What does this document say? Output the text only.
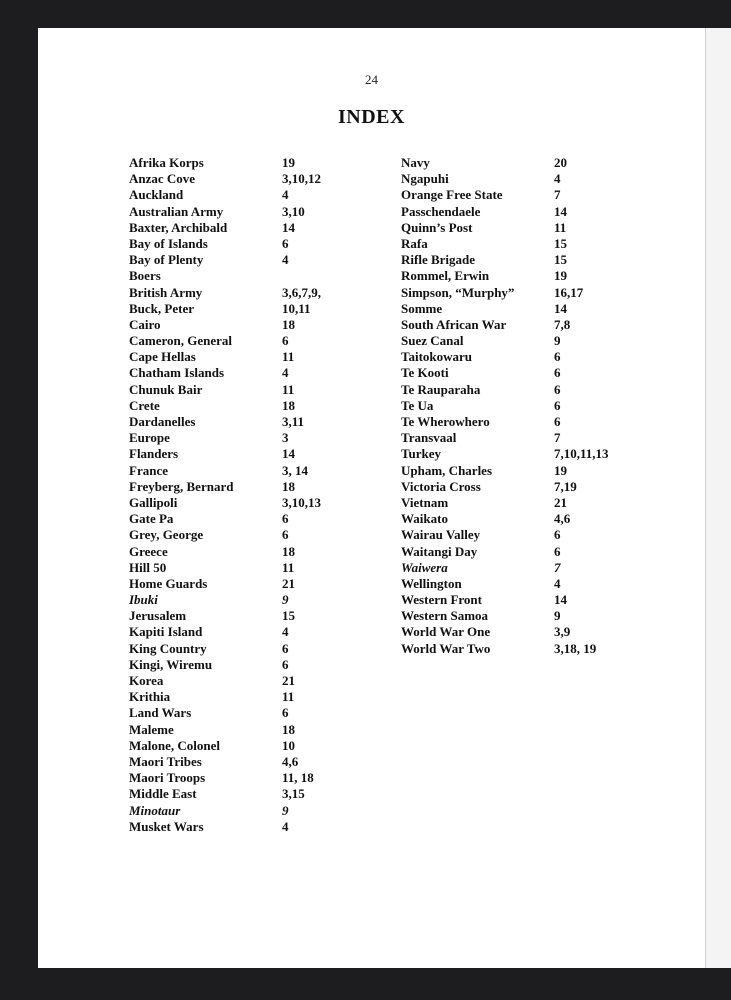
24
INDEX
Afrika Korps	19
Anzac Cove	3,10,12
Auckland	4
Australian Army	3,10
Baxter, Archibald	14
Bay of Islands	6
Bay of Plenty	4
Boers
British Army	3,6,7,9,
Buck, Peter	10,11
Cairo	18
Cameron, General	6
Cape Hellas	11
Chatham Islands	4
Chunuk Bair	11
Crete	18
Dardanelles	3,11
Europe	3
Flanders	14
France	3, 14
Freyberg, Bernard	18
Gallipoli	3,10,13
Gate Pa	6
Grey, George	6
Greece	18
Hill 50	11
Home Guards	21
Ibuki	9
Jerusalem	15
Kapiti Island	4
King Country	6
Kingi, Wiremu	6
Korea	21
Krithia	11
Land Wars	6
Maleme	18
Malone, Colonel	10
Maori Tribes	4,6
Maori Troops	11, 18
Middle East	3,15
Minotaur	9
Musket Wars	4
Navy	20
Ngapuhi	4
Orange Free State	7
Passchendaele	14
Quinn’s Post	11
Rafa	15
Rifle Brigade	15
Rommel, Erwin	19
Simpson, “Murphy”	16,17
Somme	14
South African War	7,8
Suez Canal	9
Taitokowaru	6
Te Kooti	6
Te Rauparaha	6
Te Ua	6
Te Wherowhero	6
Transvaal	7
Turkey	7,10,11,13
Upham, Charles	19
Victoria Cross	7,19
Vietnam	21
Waikato	4,6
Wairau Valley	6
Waitangi Day	6
Waiwera	7
Wellington	4
Western Front	14
Western Samoa	9
World War One	3,9
World War Two	3,18, 19
